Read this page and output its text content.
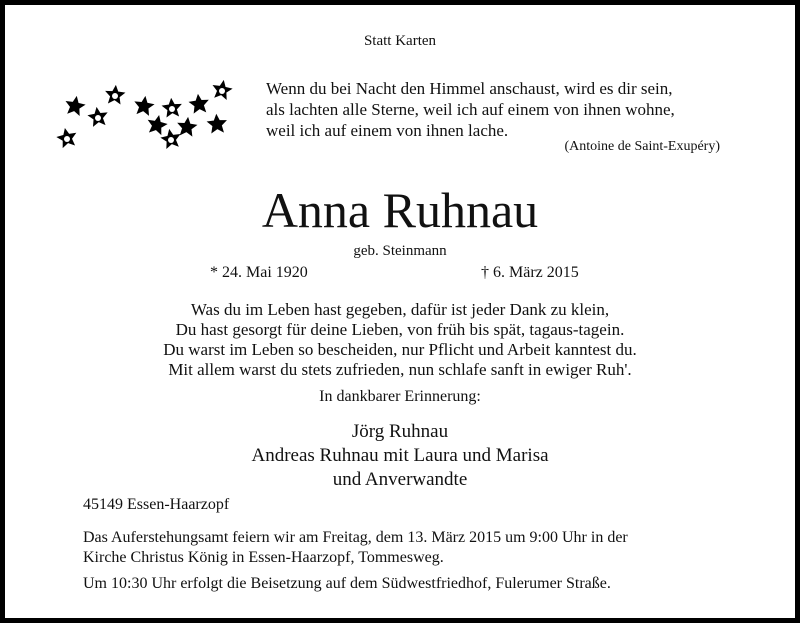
Statt Karten
Wenn du bei Nacht den Himmel anschaust, wird es dir sein,
als lachten alle Sterne, weil ich auf einem von ihnen wohne,
weil ich auf einem von ihnen lache.
(Antoine de Saint-Exupéry)
Anna Ruhnau
geb. Steinmann
* 24. Mai 1920	† 6. März 2015
Was du im Leben hast gegeben, dafür ist jeder Dank zu klein,
Du hast gesorgt für deine Lieben, von früh bis spät, tagaus-tagein.
Du warst im Leben so bescheiden, nur Pflicht und Arbeit kanntest du.
Mit allem warst du stets zufrieden, nun schlafe sanft in ewiger Ruh'.
In dankbarer Erinnerung:
Jörg Ruhnau
Andreas Ruhnau mit Laura und Marisa
und Anverwandte
45149 Essen-Haarzopf
Das Auferstehungsamt feiern wir am Freitag, dem 13. März 2015 um 9:00 Uhr in der
Kirche Christus König in Essen-Haarzopf, Tommesweg.
Um 10:30 Uhr erfolgt die Beisetzung auf dem Südwestfriedhof, Fulerumer Straße.
